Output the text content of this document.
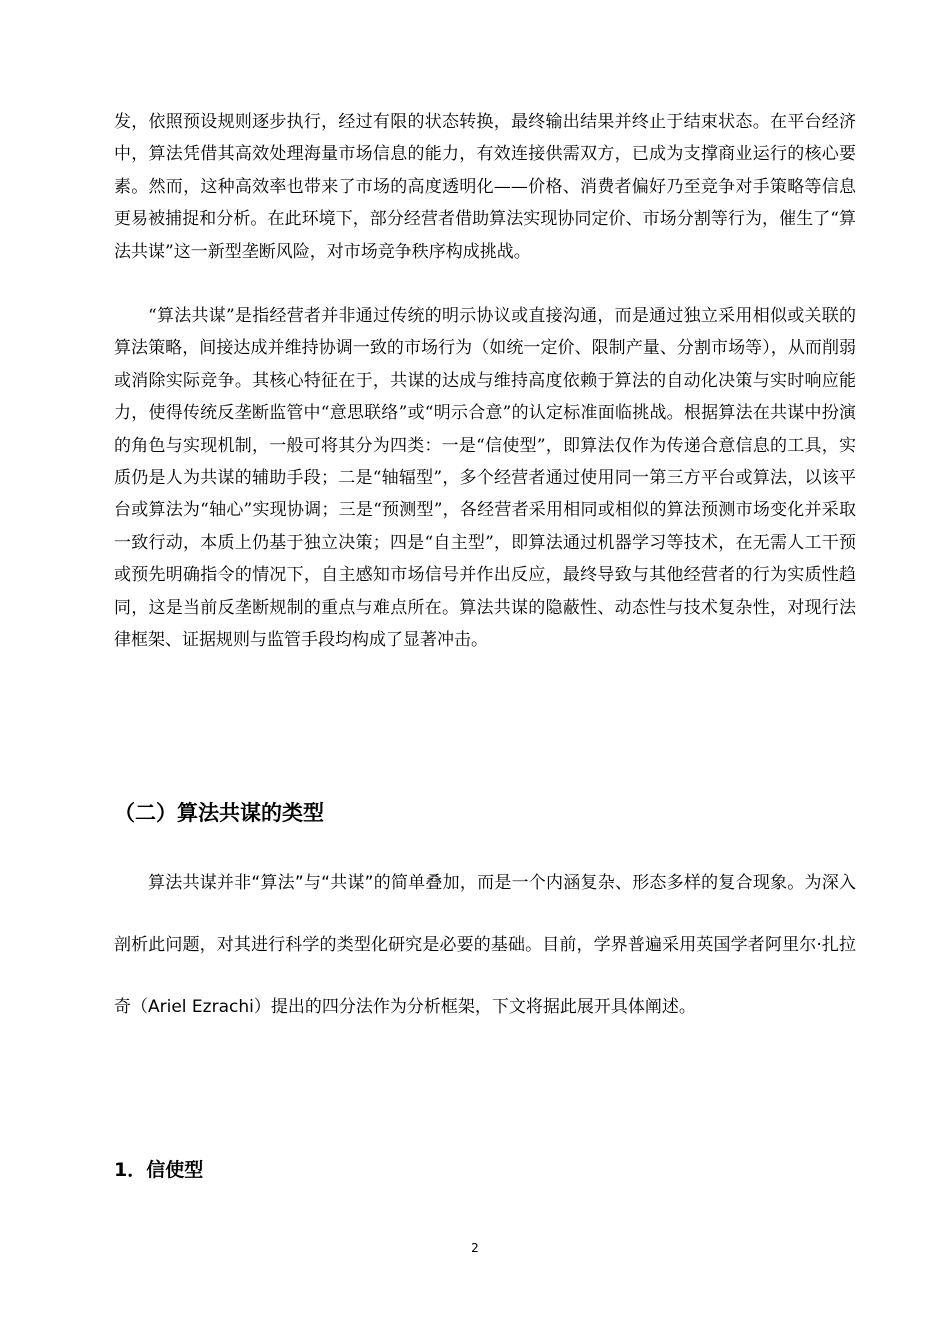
发，依照预设规则逐步执行，经过有限的状态转换，最终输出结果并终止于结束状态。在平台经济中，算法凭借其高效处理海量市场信息的能力，有效连接供需双方，已成为支撑商业运行的核心要素。然而，这种高效率也带来了市场的高度透明化——价格、消费者偏好乃至竞争对手策略等信息更易被捕捉和分析。在此环境下，部分经营者借助算法实现协同定价、市场分割等行为，催生了“算法共谋”这一新型垄断风险，对市场竞争秩序构成挑战。

“算法共谋”是指经营者并非通过传统的明示协议或直接沟通，而是通过独立采用相似或关联的算法策略，间接达成并维持协调一致的市场行为（如统一定价、限制产量、分割市场等），从而削弱或消除实际竞争。其核心特征在于，共谋的达成与维持高度依赖于算法的自动化决策与实时响应能力，使得传统反垄断监管中“意思联络”或“明示合意”的认定标准面临挑战。根据算法在共谋中扮演的角色与实现机制，一般可将其分为四类：一是“信使型”，即算法仅作为传递合意信息的工具，实质仍是人为共谋的辅助手段；二是“轴辐型”，多个经营者通过使用同一第三方平台或算法，以该平台或算法为“轴心”实现协调；三是“预测型”，各经营者采用相同或相似的算法预测市场变化并采取一致行动，本质上仍基于独立决策；四是“自主型”，即算法通过机器学习等技术，在无需人工干预或预先明确指令的情况下，自主感知市场信号并作出反应，最终导致与其他经营者的行为实质性趋同，这是当前反垄断规制的重点与难点所在。算法共谋的隐蔽性、动态性与技术复杂性，对现行法律框架、证据规则与监管手段均构成了显著冲击。

（二）算法共谋的类型

算法共谋并非“算法”与“共谋”的简单叠加，而是一个内涵复杂、形态多样的复合现象。为深入剖析此问题，对其进行科学的类型化研究是必要的基础。目前，学界普遍采用英国学者阿里尔·扎拉奇（Ariel Ezrachi）提出的四分法作为分析框架，下文将据此展开具体阐述。

1．信使型
2
